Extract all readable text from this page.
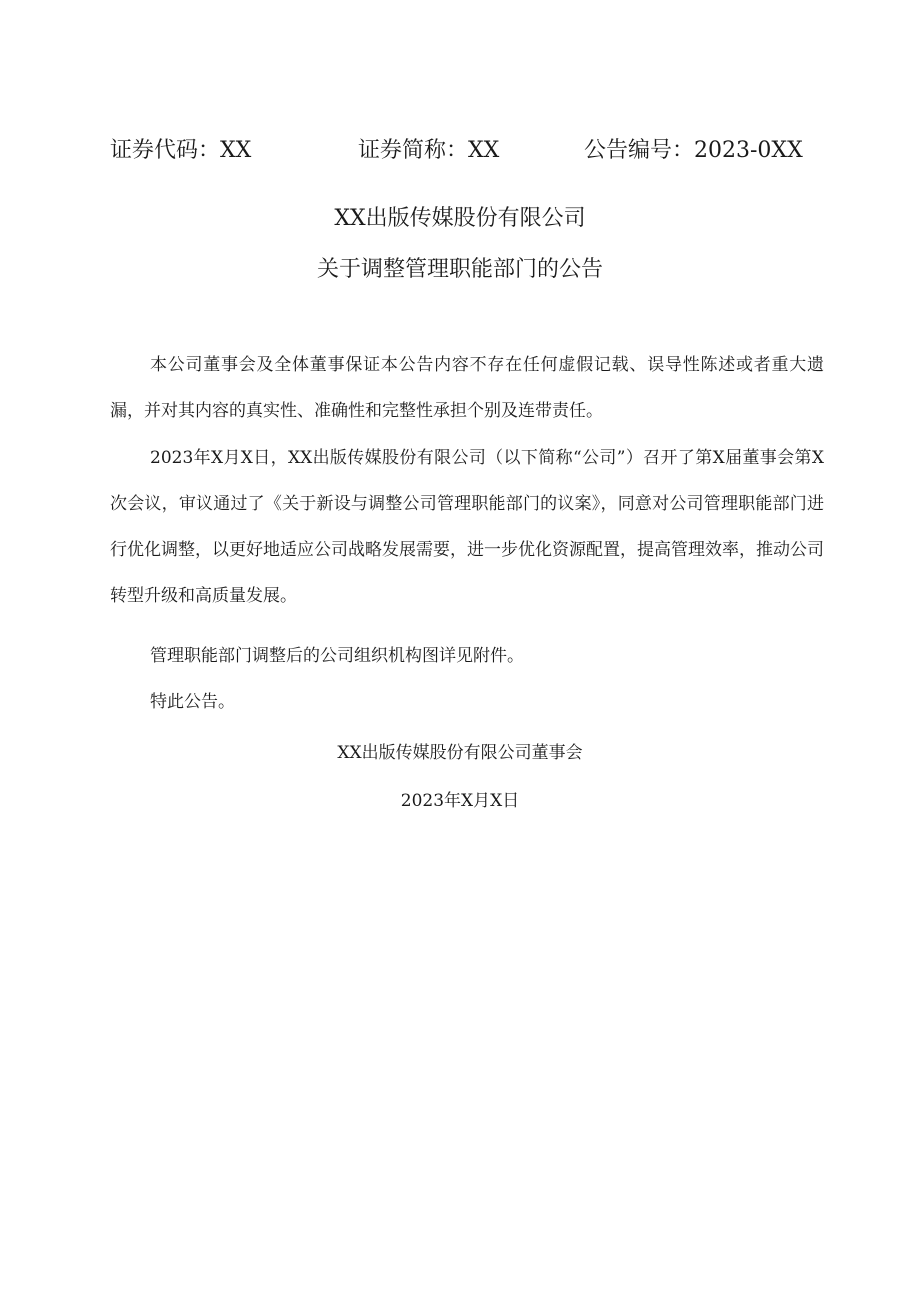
证券代码：XX	证券简称：XX	公告编号：2023-0XX
XX出版传媒股份有限公司
关于调整管理职能部门的公告

本公司董事会及全体董事保证本公告内容不存在任何虚假记载、误导性陈述或者重大遗漏，并对其内容的真实性、准确性和完整性承担个别及连带责任。

2023年X月X日，XX出版传媒股份有限公司（以下简称“公司”）召开了第X届董事会第X次会议，审议通过了《关于新设与调整公司管理职能部门的议案》，同意对公司管理职能部门进行优化调整，以更好地适应公司战略发展需要，进一步优化资源配置，提高管理效率，推动公司转型升级和高质量发展。

管理职能部门调整后的公司组织机构图详见附件。

特此公告。

XX出版传媒股份有限公司董事会
2023年X月X日
